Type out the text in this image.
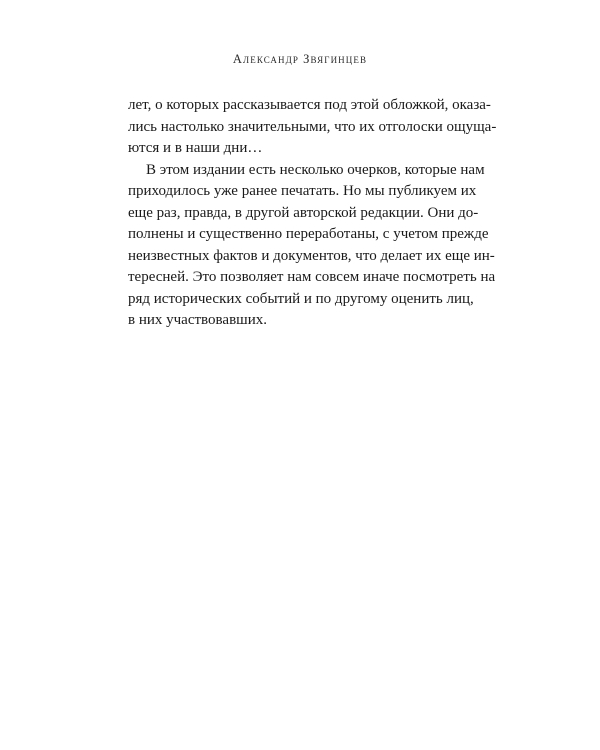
Александр Звягинцев
лет, о которых рассказывается под этой обложкой, оказа-
лись настолько значительными, что их отголоски ощуща-
ются и в наши дни…
В этом издании есть несколько очерков, которые нам
приходилось уже ранее печатать. Но мы публикуем их
еще раз, правда, в другой авторской редакции. Они до-
полнены и существенно переработаны, с учетом прежде
неизвестных фактов и документов, что делает их еще ин-
тересней. Это позволяет нам совсем иначе посмотреть на
ряд исторических событий и по другому оценить лиц,
в них участвовавших.
